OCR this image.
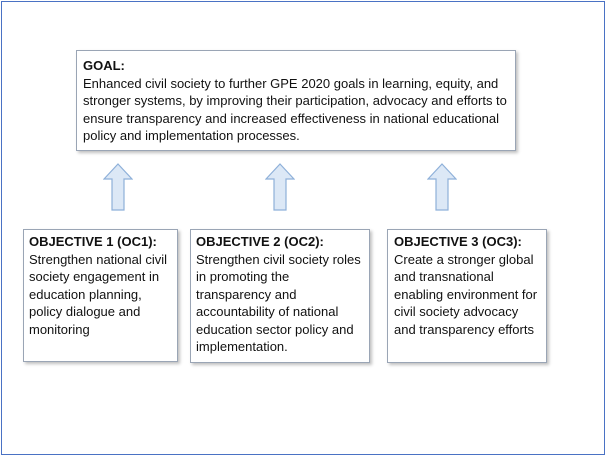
GOAL:
Enhanced civil society to further GPE 2020 goals in learning, equity, and stronger systems, by improving their participation, advocacy and efforts to ensure transparency and increased effectiveness in national educational policy and implementation processes.
OBJECTIVE 1 (OC1):
Strengthen national civil society engagement in education planning, policy dialogue and monitoring
OBJECTIVE 2 (OC2):
Strengthen civil society roles in promoting the transparency and accountability of national education sector policy and implementation.
OBJECTIVE 3 (OC3):
Create a stronger global and transnational enabling environment for civil society advocacy and transparency efforts
